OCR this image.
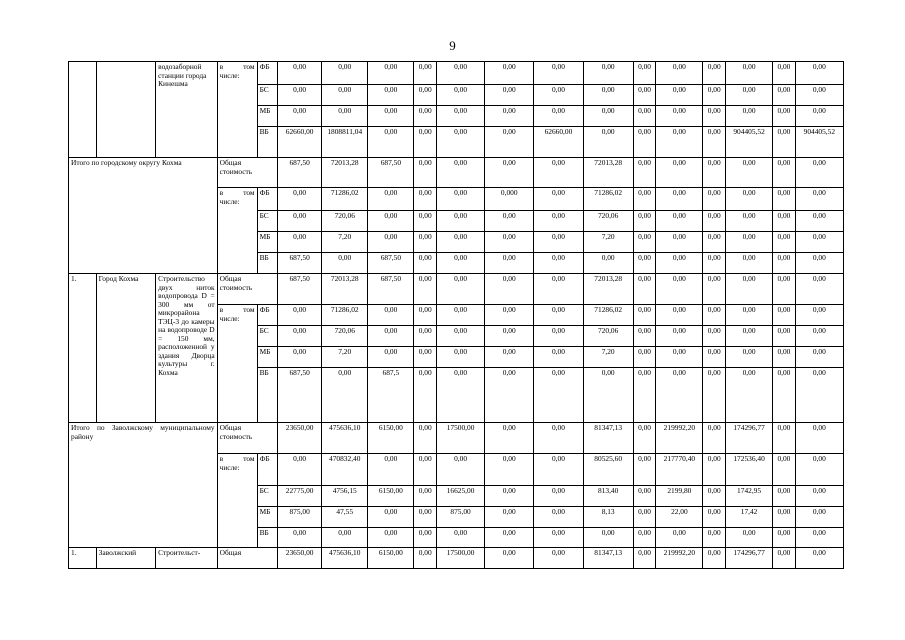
9
		водозаборной станции города Кинешма	в том числе:	ФБ	0,00	0,00	0,00	0,00	0,00	0,00	0,00	0,00	0,00	0,00	0,00	0,00	0,00	0,00
				БС	0,00	0,00	0,00	0,00	0,00	0,00	0,00	0,00	0,00	0,00	0,00	0,00	0,00	0,00
				МБ	0,00	0,00	0,00	0,00	0,00	0,00	0,00	0,00	0,00	0,00	0,00	0,00	0,00	0,00
				ВБ	62660,00	1808811,04	0,00	0,00	0,00	0,00	62660,00	0,00	0,00	0,00	0,00	904405,52	0,00	904405,52
Итого по городскому округу Кохма			Общая стоимость		687,50	72013,28	687,50	0,00	0,00	0,00	0,00	72013,28	0,00	0,00	0,00	0,00	0,00	0,00
			в том числе:	ФБ	0,00	71286,02	0,00	0,00	0,00	0,000	0,00	71286,02	0,00	0,00	0,00	0,00	0,00	0,00
				БС	0,00	720,06	0,00	0,00	0,00	0,00	0,00	720,06	0,00	0,00	0,00	0,00	0,00	0,00
				МБ	0,00	7,20	0,00	0,00	0,00	0,00	0,00	7,20	0,00	0,00	0,00	0,00	0,00	0,00
				ВБ	687,50	0,00	687,50	0,00	0,00	0,00	0,00	0,00	0,00	0,00	0,00	0,00	0,00	0,00
1.	Город Кохма	Строительство двух ниток водопровода D = 300 мм от микрорайона ТЭЦ-3 до камеры на водопроводе D = 150 мм, расположенной у здания Дворца культуры г. Кохма	Общая стоимость		687,50	72013,28	687,50	0,00	0,00	0,00	0,00	72013,28	0,00	0,00	0,00	0,00	0,00	0,00
			в том числе:	ФБ	0,00	71286,02	0,00	0,00	0,00	0,00	0,00	71286,02	0,00	0,00	0,00	0,00	0,00	0,00
				БС	0,00	720,06	0,00	0,00	0,00	0,00	0,00	720,06	0,00	0,00	0,00	0,00	0,00	0,00
				МБ	0,00	7,20	0,00	0,00	0,00	0,00	0,00	7,20	0,00	0,00	0,00	0,00	0,00	0,00
				ВБ	687,50	0,00	687,5	0,00	0,00	0,00	0,00	0,00	0,00	0,00	0,00	0,00	0,00	0,00
Итого по Заволжскому муниципальному району			Общая стоимость		23650,00	475636,10	6150,00	0,00	17500,00	0,00	0,00	81347,13	0,00	219992,20	0,00	174296,77	0,00	0,00
			в том числе:	ФБ	0,00	470832,40	0,00	0,00	0,00	0,00	0,00	80525,60	0,00	217770,40	0,00	172536,40	0,00	0,00
				БС	22775,00	4756,15	6150,00	0,00	16625,00	0,00	0,00	813,40	0,00	2199,80	0,00	1742,95	0,00	0,00
				МБ	875,00	47,55	0,00	0,00	875,00	0,00	0,00	8,13	0,00	22,00	0,00	17,42	0,00	0,00
				ВБ	0,00	0,00	0,00	0,00	0,00	0,00	0,00	0,00	0,00	0,00	0,00	0,00	0,00	0,00
1.	Заволжский	Строительст-	Общая		23650,00	475636,10	6150,00	0,00	17500,00	0,00	0,00	81347,13	0,00	219992,20	0,00	174296,77	0,00	0,00
